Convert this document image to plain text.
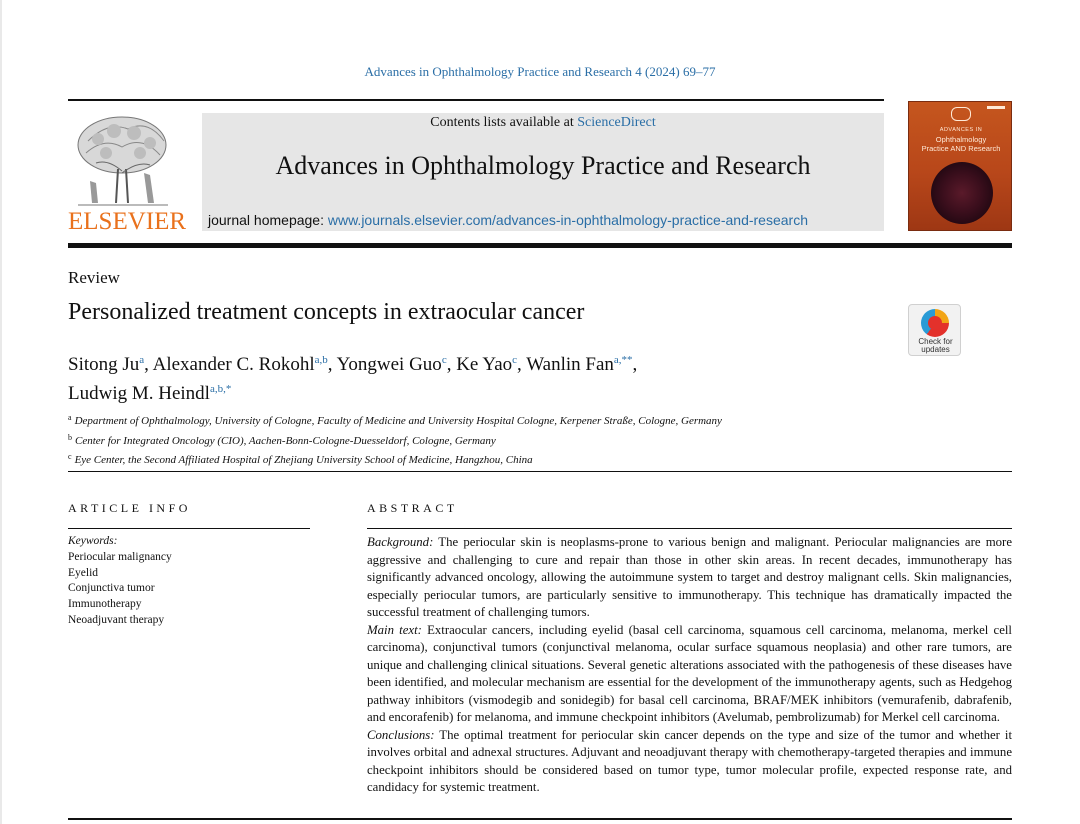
Advances in Ophthalmology Practice and Research 4 (2024) 69–77
ELSEVIER
Contents lists available at ScienceDirect
Advances in Ophthalmology Practice and Research
journal homepage: www.journals.elsevier.com/advances-in-ophthalmology-practice-and-research
ADVANCES IN
Ophthalmology
Practice AND Research
Review
Personalized treatment concepts in extraocular cancer
Check for
updates
Sitong Ju$^a$, Alexander C. Rokohl$^{a,b}$, Yongwei Guo$^c$, Ke Yao$^c$, Wanlin Fan$^{a,**}$,
Ludwig M. Heindl$^{a,b,*}$
$^a$ Department of Ophthalmology, University of Cologne, Faculty of Medicine and University Hospital Cologne, Kerpener Straße, Cologne, Germany
$^b$ Center for Integrated Oncology (CIO), Aachen-Bonn-Cologne-Duesseldorf, Cologne, Germany
$^c$ Eye Center, the Second Affiliated Hospital of Zhejiang University School of Medicine, Hangzhou, China
ARTICLE INFO
Keywords:
Periocular malignancy
Eyelid
Conjunctiva tumor
Immunotherapy
Neoadjuvant therapy
ABSTRACT

Background: The periocular skin is neoplasms-prone to various benign and malignant. Periocular malignancies are more aggressive and challenging to cure and repair than those in other skin areas. In recent decades, immunotherapy has significantly advanced oncology, allowing the autoimmune system to target and destroy malignant cells. Skin malignancies, especially periocular tumors, are particularly sensitive to immunotherapy. This technique has dramatically impacted the successful treatment of challenging tumors.

Main text: Extraocular cancers, including eyelid (basal cell carcinoma, squamous cell carcinoma, melanoma, merkel cell carcinoma), conjunctival tumors (conjunctival melanoma, ocular surface squamous neoplasia) and other rare tumors, are unique and challenging clinical situations. Several genetic alterations associated with the pathogenesis of these diseases have been identified, and molecular mechanism are essential for the development of the immunotherapy agents, such as Hedgehog pathway inhibitors (vismodegib and sonidegib) for basal cell carcinoma, BRAF/MEK inhibitors (vemurafenib, dabrafenib, and encorafenib) for melanoma, and immune checkpoint inhibitors (Avelumab, pembrolizumab) for Merkel cell carcinoma.

Conclusions: The optimal treatment for periocular skin cancer depends on the type and size of the tumor and whether it involves orbital and adnexal structures. Adjuvant and neoadjuvant therapy with chemotherapy-targeted therapies and immune checkpoint inhibitors should be considered based on tumor type, tumor molecular profile, expected response rate, and candidacy for systemic treatment.
